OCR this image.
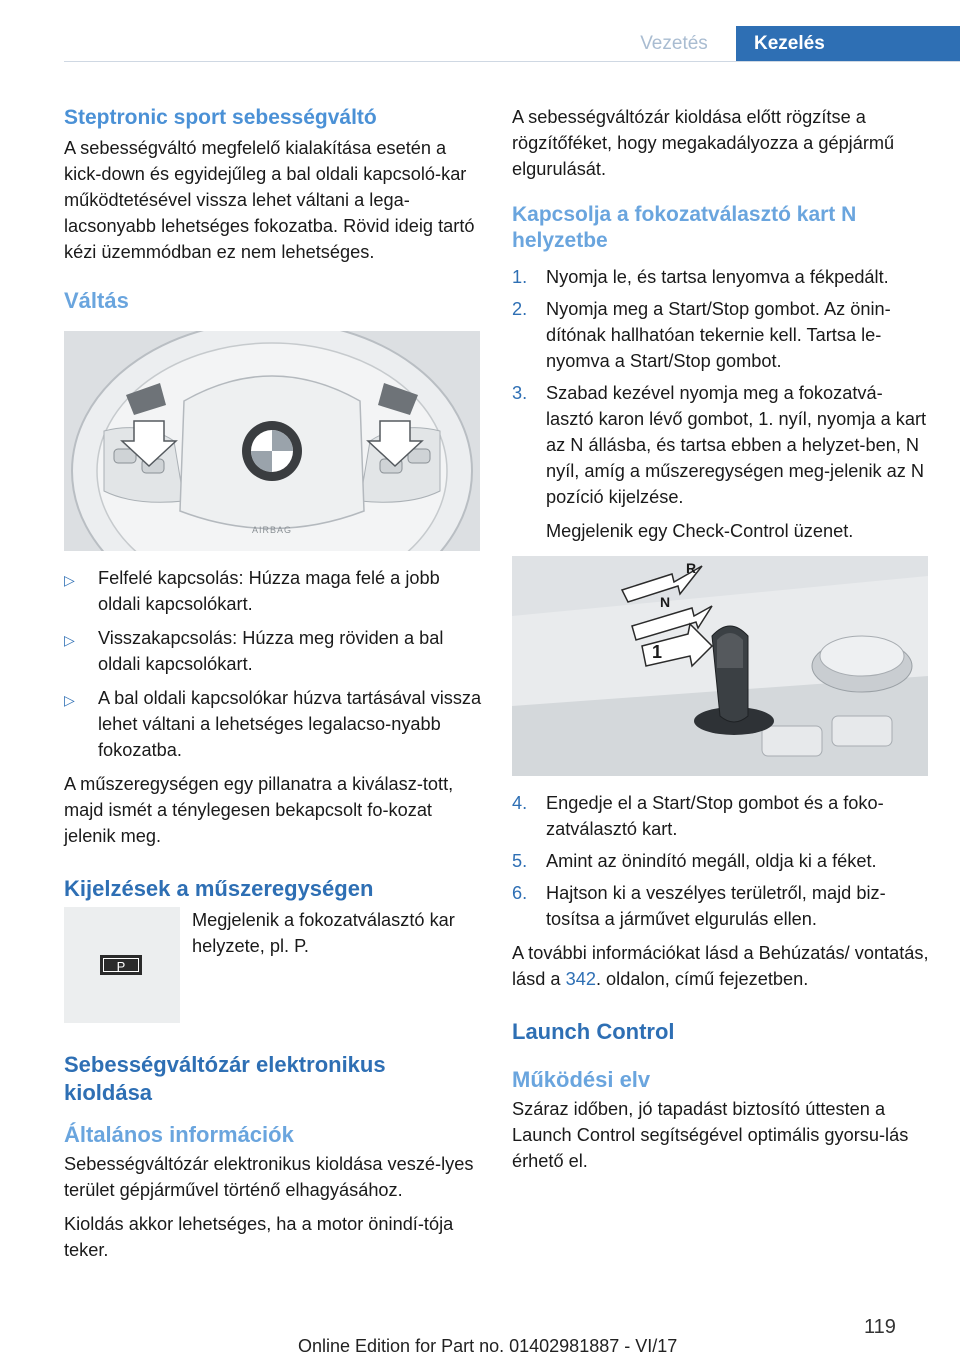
Vezetés	Kezelés
Steptronic sport sebességváltó

A sebességváltó megfelelő kialakítása esetén a kick-down és egyidejűleg a bal oldali kapcsoló-kar működtetésével vissza lehet váltani a lega-lacsonyabb lehetséges fokozatba. Rövid ideig tartó kézi üzemmódban ez nem lehetséges.

Váltás
AIRBAG
▷	Felfelé kapcsolás: Húzza maga felé a jobb oldali kapcsolókart.
▷	Visszakapcsolás: Húzza meg röviden a bal oldali kapcsolókart.
▷	A bal oldali kapcsolókar húzva tartásával vissza lehet váltani a lehetséges legalacso-nyabb fokozatba.

A műszeregységen egy pillanatra a kiválasz-tott, majd ismét a ténylegesen bekapcsolt fo-kozat jelenik meg.

Kijelzések a műszeregységen
P

Megjelenik a fokozatválasztó kar helyzete, pl. P.

Sebességváltózár elektronikus kioldása
Általános információk

Sebességváltózár elektronikus kioldása veszé-lyes terület gépjárművel történő elhagyásához.

Kioldás akkor lehetséges, ha a motor önindí-tója teker.

A sebességváltózár kioldása előtt rögzítse a rögzítőféket, hogy megakadályozza a gépjármű elgurulását.

Kapcsolja a fokozatválasztó kart N helyzetbe
1.	Nyomja le, és tartsa lenyomva a fékpedált.
2.	Nyomja meg a Start/Stop gombot. Az önin-dítónak hallhatóan tekernie kell. Tartsa le-nyomva a Start/Stop gombot.
3.	Szabad kezével nyomja meg a fokozatvá-lasztó karon lévő gombot, 1. nyíl, nyomja a kart az N állásba, és tartsa ebben a helyzet-ben, N nyíl, amíg a műszeregységen meg-jelenik az N pozíció kijelzése.

Megjelenik egy Check-Control üzenet.

R
N
1
4.	Engedje el a Start/Stop gombot és a foko-zatválasztó kart.
5.	Amint az önindító megáll, oldja ki a féket.
6.	Hajtson ki a veszélyes területről, majd biz-tosítsa a járművet elgurulás ellen.

A további információkat lásd a Behúzatás/ vontatás, lásd a 342. oldalon, című fejezetben.

Launch Control
Működési elv

Száraz időben, jó tapadást biztosító úttesten a Launch Control segítségével optimális gyorsu-lás érhető el.

119
Online Edition for Part no. 01402981887 - VI/17
